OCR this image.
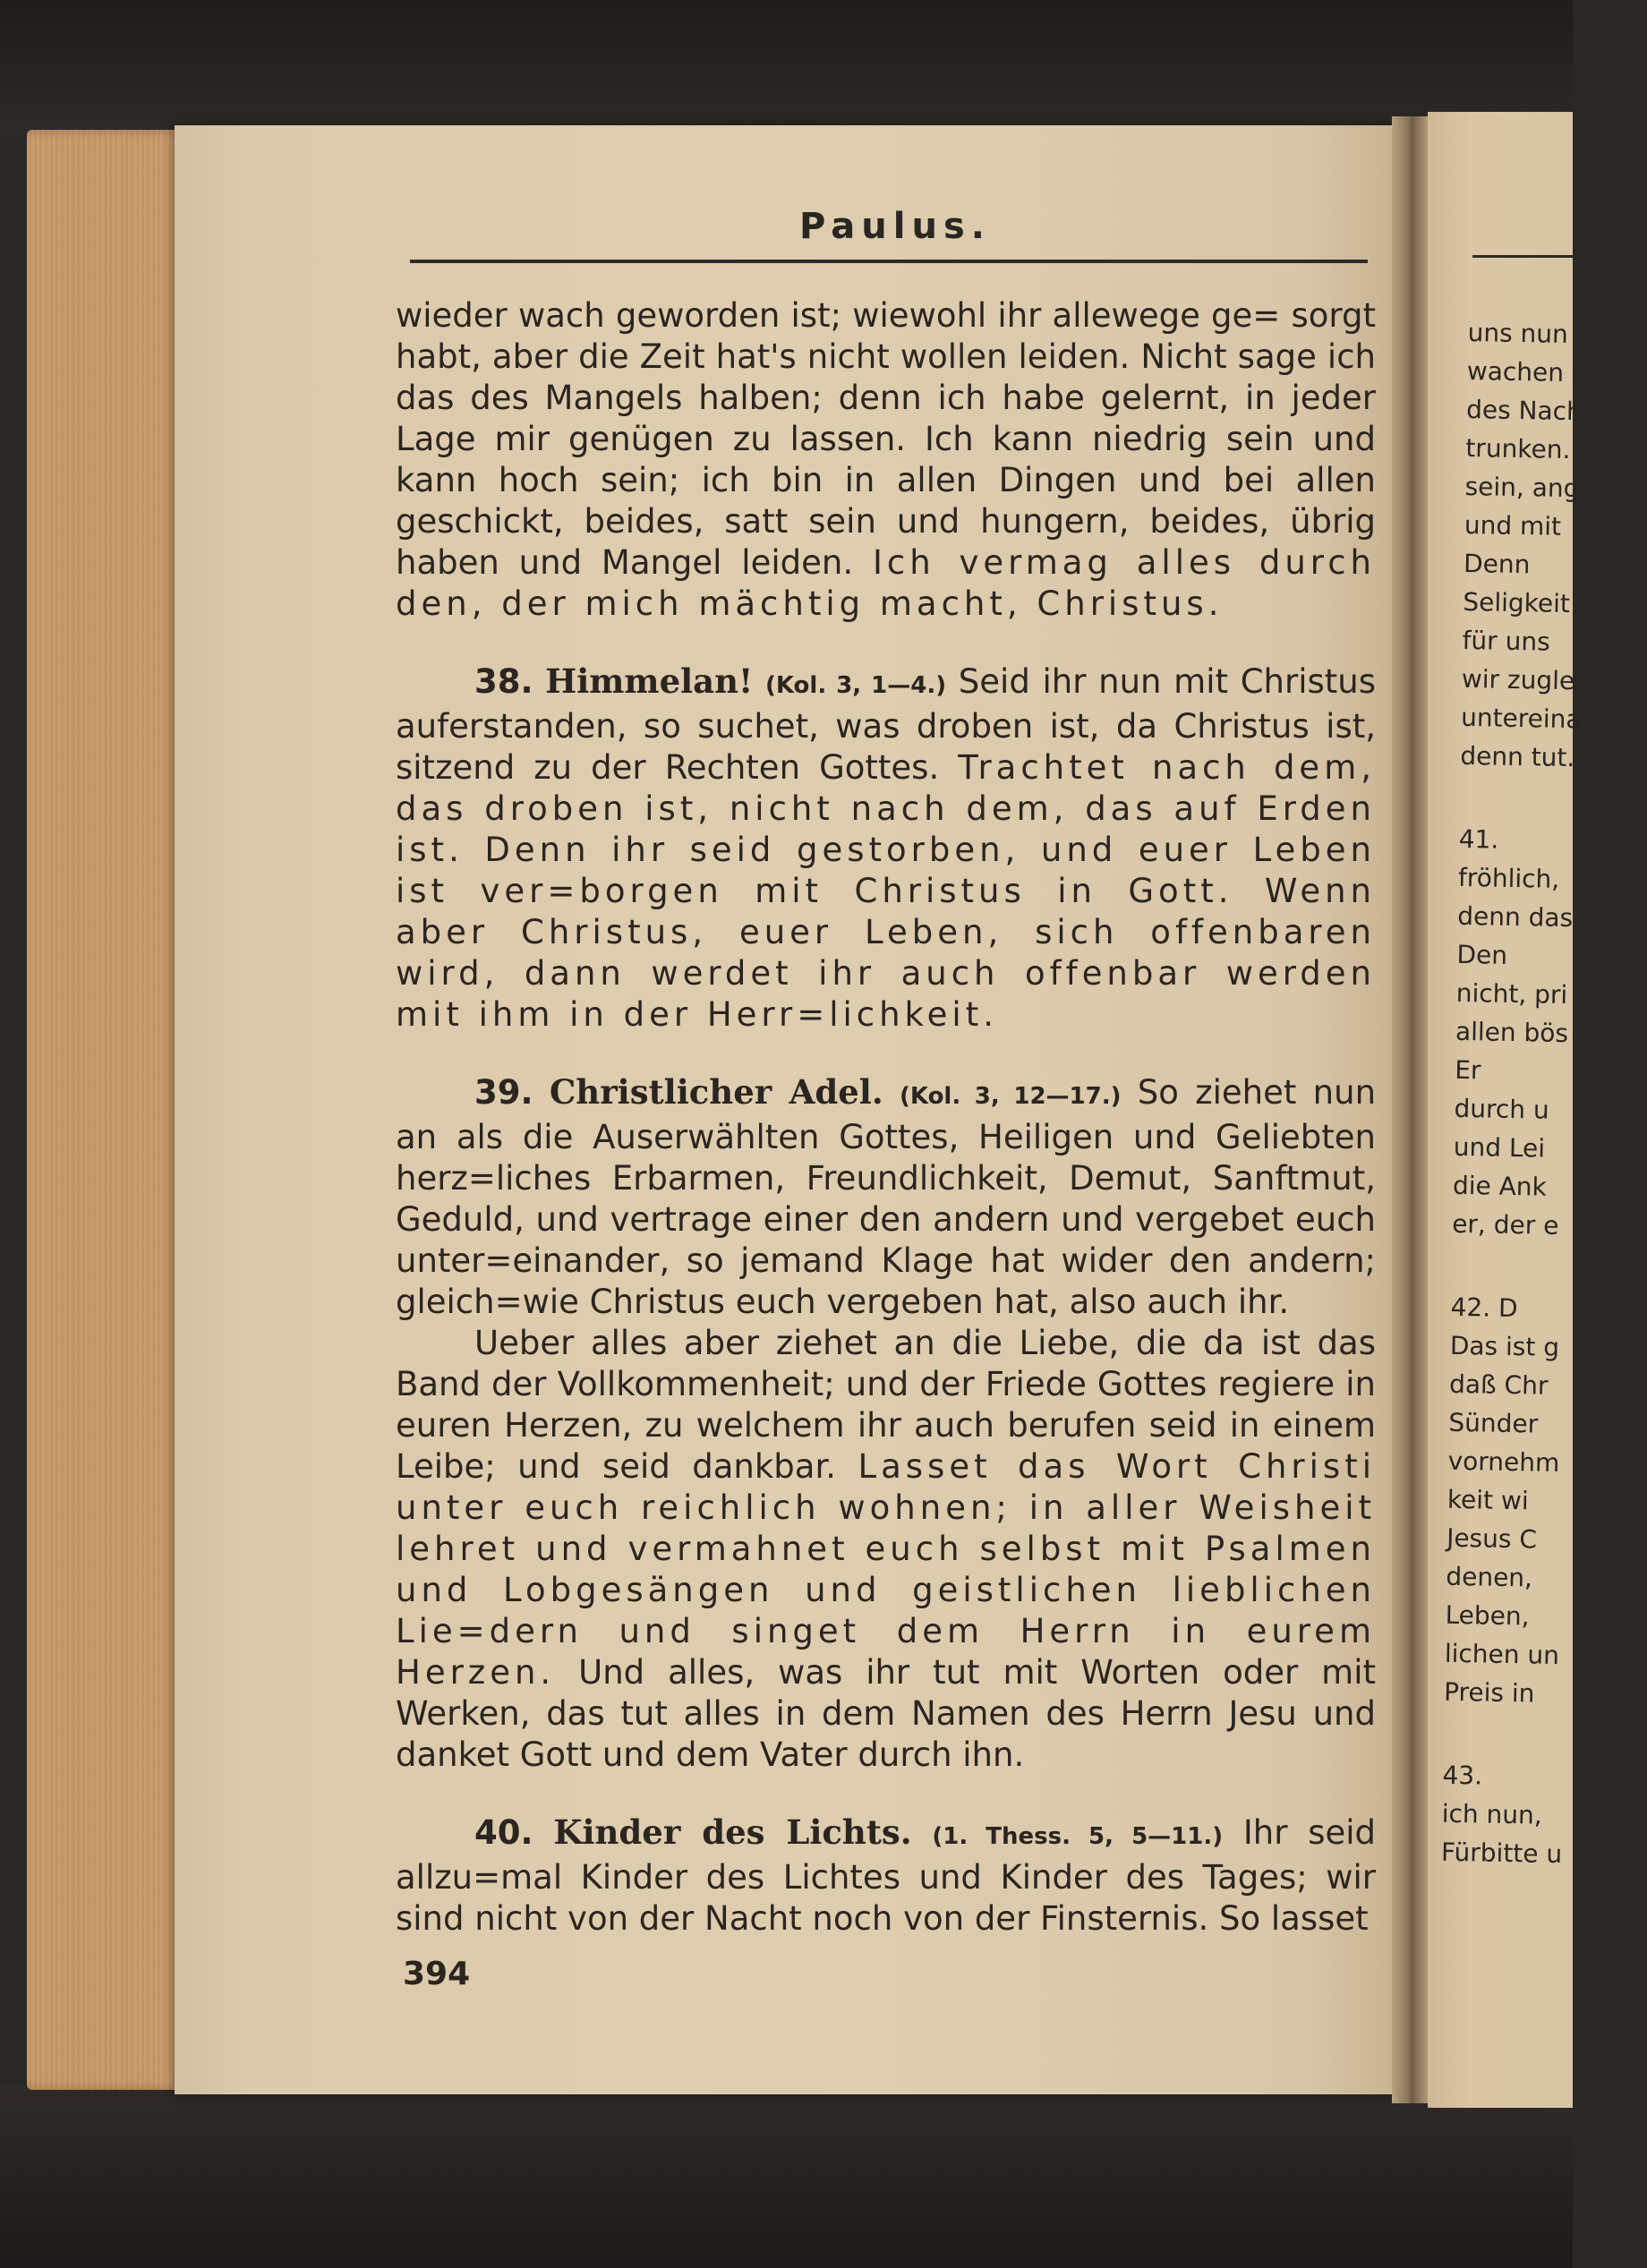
uns nun
wachen u
des Nach
trunken.
sein, ang
und mit
Denn
Seligkeit
für uns
wir zugle
untereina
denn tut.
41.
fröhlich,
denn das
Den
nicht, pri
allen bös
Er
durch u
und Lei
die Ank
er, der e
42. D
Das ist g
daß Chr
Sünder
vornehm
keit wi
Jesus C
denen,
Leben,
lichen un
Preis in
43.
ich nun,
Fürbitte u
Paulus.

wieder wach geworden ist; wiewohl ihr allewege ge= sorgt habt, aber die Zeit hat's nicht wollen leiden. Nicht sage ich das des Mangels halben; denn ich habe gelernt, in jeder Lage mir genügen zu lassen. Ich kann niedrig sein und kann hoch sein; ich bin in allen Dingen und bei allen geschickt, beides, satt sein und hungern, beides, übrig haben und Mangel leiden. Ich vermag alles durch den, der mich mächtig macht, Christus.

38. Himmelan! (Kol. 3, 1—4.) Seid ihr nun mit Christus auferstanden, so suchet, was droben ist, da Christus ist, sitzend zu der Rechten Gottes. Trachtet nach dem, das droben ist, nicht nach dem, das auf Erden ist. Denn ihr seid gestorben, und euer Leben ist ver=borgen mit Christus in Gott. Wenn aber Christus, euer Leben, sich offenbaren wird, dann werdet ihr auch offenbar werden mit ihm in der Herr=lichkeit.

39. Christlicher Adel. (Kol. 3, 12—17.) So ziehet nun an als die Auserwählten Gottes, Heiligen und Geliebten herz=liches Erbarmen, Freundlichkeit, Demut, Sanftmut, Geduld, und vertrage einer den andern und vergebet euch unter=einander, so jemand Klage hat wider den andern; gleich=wie Christus euch vergeben hat, also auch ihr.

Ueber alles aber ziehet an die Liebe, die da ist das Band der Vollkommenheit; und der Friede Gottes regiere in euren Herzen, zu welchem ihr auch berufen seid in einem Leibe; und seid dankbar. Lasset das Wort Christi unter euch reichlich wohnen; in aller Weisheit lehret und vermahnet euch selbst mit Psalmen und Lobgesängen und geistlichen lieblichen Lie=dern und singet dem Herrn in eurem Herzen. Und alles, was ihr tut mit Worten oder mit Werken, das tut alles in dem Namen des Herrn Jesu und danket Gott und dem Vater durch ihn.

40. Kinder des Lichts. (1. Thess. 5, 5—11.) Ihr seid allzu=mal Kinder des Lichtes und Kinder des Tages; wir sind nicht von der Nacht noch von der Finsternis. So lasset

394
